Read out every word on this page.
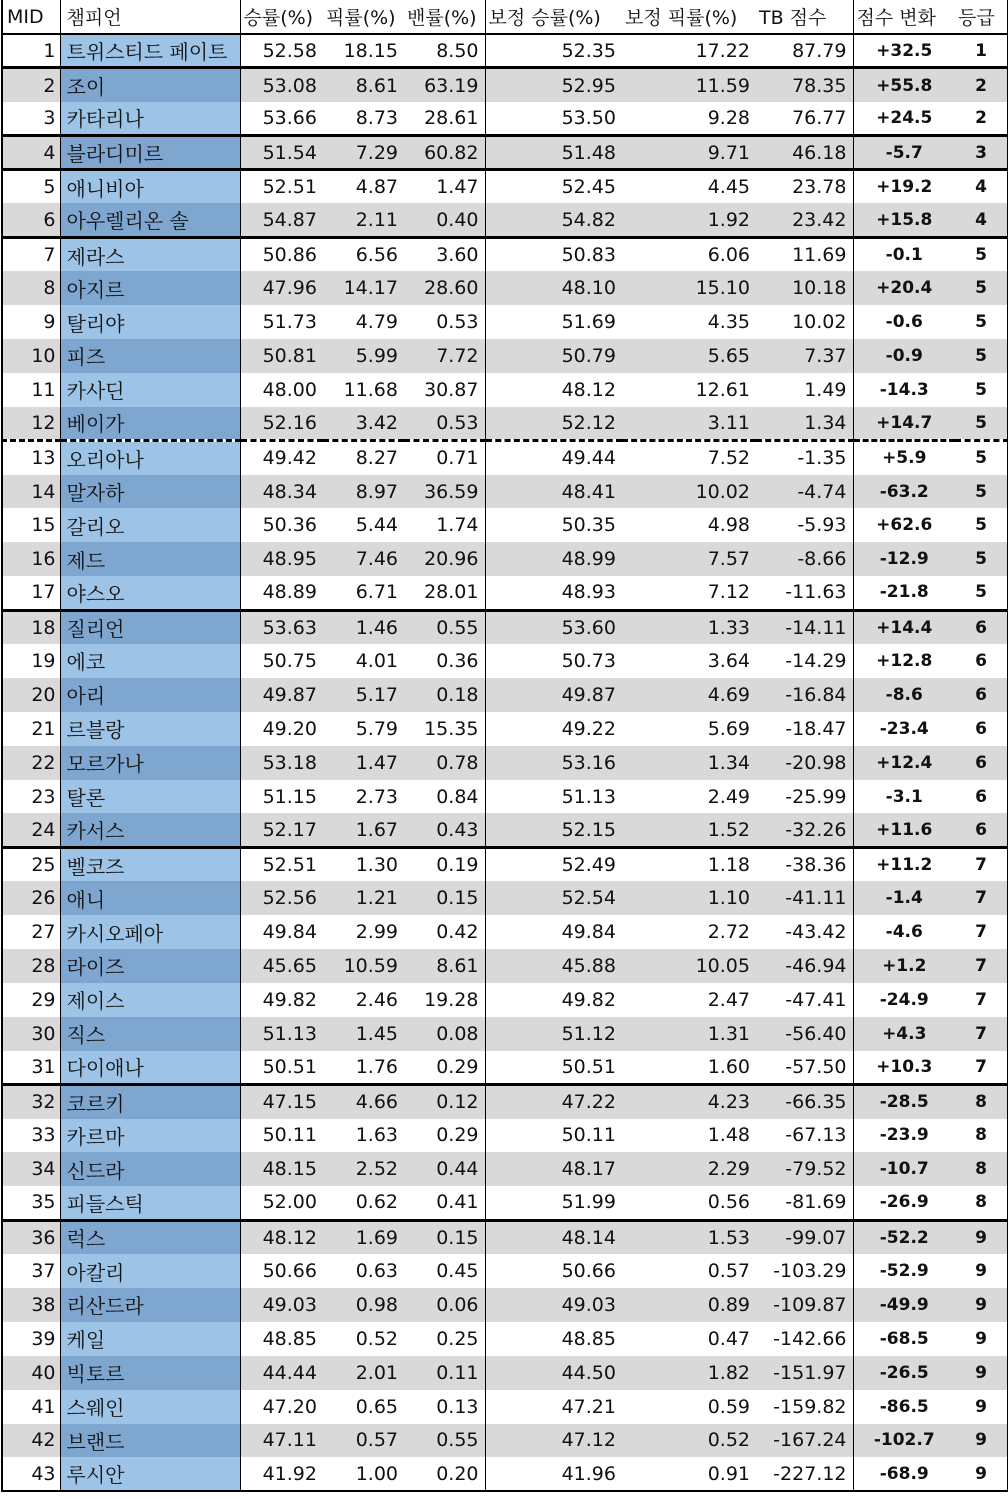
MID	챔피언	승률(%)	픽률(%)	밴률(%)	보정 승률(%)	보정 픽률(%)	TB 점수	점수 변화	등급
1	트위스티드 페이트	52.58	18.15	8.50	52.35	17.22	87.79	+32.5	1
2	조이	53.08	8.61	63.19	52.95	11.59	78.35	+55.8	2
3	카타리나	53.66	8.73	28.61	53.50	9.28	76.77	+24.5	2
4	블라디미르	51.54	7.29	60.82	51.48	9.71	46.18	-5.7	3
5	애니비아	52.51	4.87	1.47	52.45	4.45	23.78	+19.2	4
6	아우렐리온 솔	54.87	2.11	0.40	54.82	1.92	23.42	+15.8	4
7	제라스	50.86	6.56	3.60	50.83	6.06	11.69	-0.1	5
8	아지르	47.96	14.17	28.60	48.10	15.10	10.18	+20.4	5
9	탈리야	51.73	4.79	0.53	51.69	4.35	10.02	-0.6	5
10	피즈	50.81	5.99	7.72	50.79	5.65	7.37	-0.9	5
11	카사딘	48.00	11.68	30.87	48.12	12.61	1.49	-14.3	5
12	베이가	52.16	3.42	0.53	52.12	3.11	1.34	+14.7	5
13	오리아나	49.42	8.27	0.71	49.44	7.52	-1.35	+5.9	5
14	말자하	48.34	8.97	36.59	48.41	10.02	-4.74	-63.2	5
15	갈리오	50.36	5.44	1.74	50.35	4.98	-5.93	+62.6	5
16	제드	48.95	7.46	20.96	48.99	7.57	-8.66	-12.9	5
17	야스오	48.89	6.71	28.01	48.93	7.12	-11.63	-21.8	5
18	질리언	53.63	1.46	0.55	53.60	1.33	-14.11	+14.4	6
19	에코	50.75	4.01	0.36	50.73	3.64	-14.29	+12.8	6
20	아리	49.87	5.17	0.18	49.87	4.69	-16.84	-8.6	6
21	르블랑	49.20	5.79	15.35	49.22	5.69	-18.47	-23.4	6
22	모르가나	53.18	1.47	0.78	53.16	1.34	-20.98	+12.4	6
23	탈론	51.15	2.73	0.84	51.13	2.49	-25.99	-3.1	6
24	카서스	52.17	1.67	0.43	52.15	1.52	-32.26	+11.6	6
25	벨코즈	52.51	1.30	0.19	52.49	1.18	-38.36	+11.2	7
26	애니	52.56	1.21	0.15	52.54	1.10	-41.11	-1.4	7
27	카시오페아	49.84	2.99	0.42	49.84	2.72	-43.42	-4.6	7
28	라이즈	45.65	10.59	8.61	45.88	10.05	-46.94	+1.2	7
29	제이스	49.82	2.46	19.28	49.82	2.47	-47.41	-24.9	7
30	직스	51.13	1.45	0.08	51.12	1.31	-56.40	+4.3	7
31	다이애나	50.51	1.76	0.29	50.51	1.60	-57.50	+10.3	7
32	코르키	47.15	4.66	0.12	47.22	4.23	-66.35	-28.5	8
33	카르마	50.11	1.63	0.29	50.11	1.48	-67.13	-23.9	8
34	신드라	48.15	2.52	0.44	48.17	2.29	-79.52	-10.7	8
35	피들스틱	52.00	0.62	0.41	51.99	0.56	-81.69	-26.9	8
36	럭스	48.12	1.69	0.15	48.14	1.53	-99.07	-52.2	9
37	아칼리	50.66	0.63	0.45	50.66	0.57	-103.29	-52.9	9
38	리산드라	49.03	0.98	0.06	49.03	0.89	-109.87	-49.9	9
39	케일	48.85	0.52	0.25	48.85	0.47	-142.66	-68.5	9
40	빅토르	44.44	2.01	0.11	44.50	1.82	-151.97	-26.5	9
41	스웨인	47.20	0.65	0.13	47.21	0.59	-159.82	-86.5	9
42	브랜드	47.11	0.57	0.55	47.12	0.52	-167.24	-102.7	9
43	루시안	41.92	1.00	0.20	41.96	0.91	-227.12	-68.9	9
